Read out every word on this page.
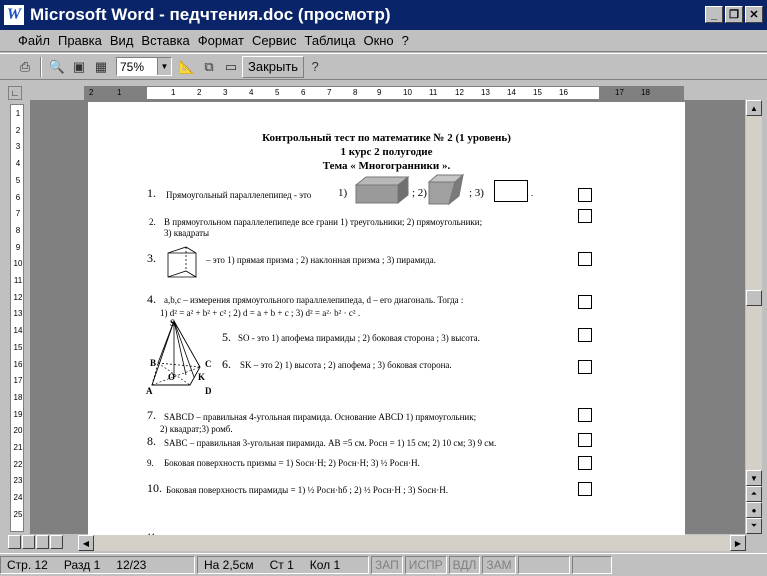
W Microsoft Word - педчтения.doc (просмотр)	_	❐ ✕
Файл Правка Вид Вставка Формат Сервис Таблица Окно ?
⎙ 🔍 ▣ ▦ 75%	▼ 📐 ⧉ ▭ Закрыть	?
∟	2	1	1	2	3	4	5	6	7	8 9	10 11 12 13 14 15 16	17 18
1
2
3
4
5
6
7
8
9
10
11
12
13
14
15
16
17
18
19
20
21
22
23
24
25
Контрольный тест по математике № 2 (1 уровень)
1 курс 2 полугодие
Тема « Многогранники ».
1. Прямоугольный параллелепипед - это 1)	; 2)	; 3)	.
2. В прямоугольном параллелепипеде все грани 1) треугольники; 2) прямоугольники;
3) квадраты
3.	– это 1) прямая призма ; 2) наклонная призма ; 3) пирамида.
4. a,b,c – измерения прямоугольного параллелепипеда, d – его диагональ. Тогда :
1) d² = a² + b² + c² ; 2) d = a + b + c ; 3) d² = a²· b² · c² .
S
B	C
O	K
A	D
5. SO - это 1) апофема пирамиды ; 2) боковая сторона ; 3) высота.
6. SK – это 2) 1) высота ; 2) апофема ; 3) боковая сторона.
7. SABCD – правильная 4-угольная пирамида. Основание ABCD 1) прямоугольник;
2) квадрат;3) ромб.
8. SABC – правильная 3-угольная пирамида. AB =5 см. Pосн = 1) 15 см; 2) 10 см; 3) 9 см.
9. Боковая поверхность призмы = 1) Sосн·H; 2) Pосн·H; 3) ½ Pосн·H.
10. Боковая поверхность пирамиды = 1) ½ Pосн·hб ; 2) ½ Pосн·H ; 3) Sосн·H.
▲
▼
⏶
●
⏷
◀	▶
Стр. 12 Разд 1 12/23	На 2,5см Ст 1 Кол 1	ЗАП ИСПР ВДЛ ЗАМ
